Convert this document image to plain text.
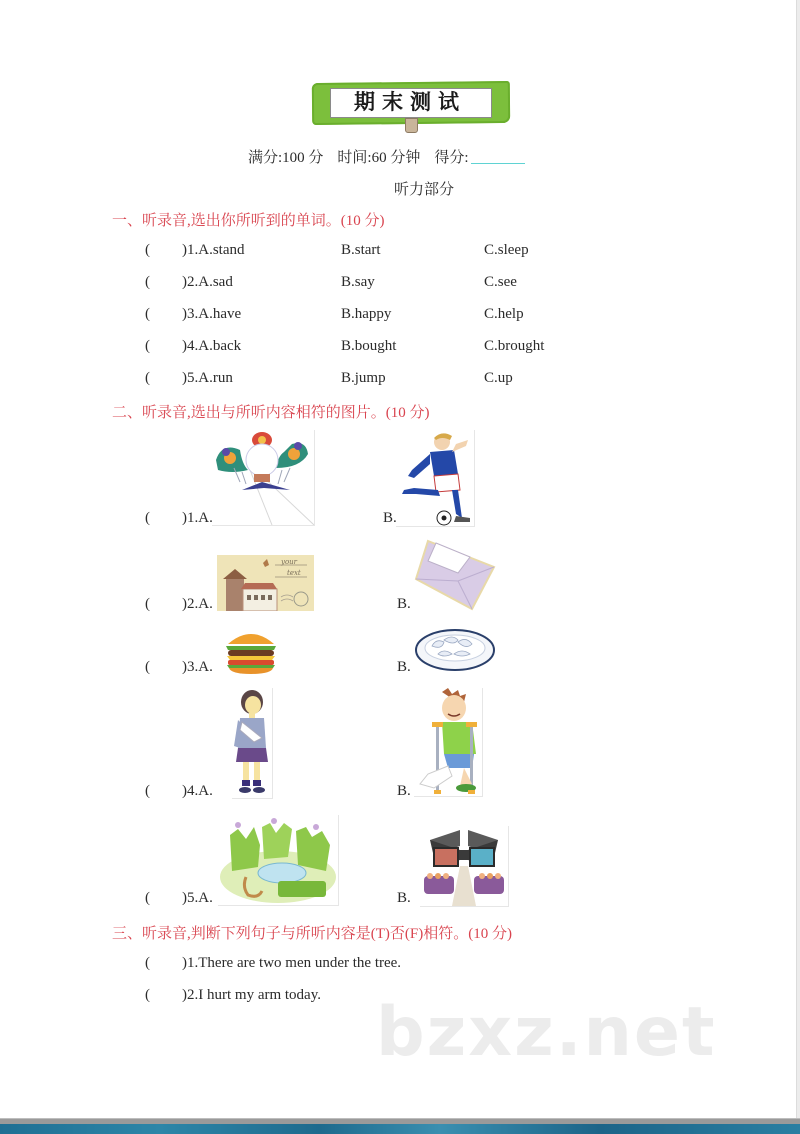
期末测试
满分:100 分 时间:60 分钟 得分:
听力部分
一、听录音,选出你所听到的单词。(10 分)
( )1.A.stand	B.start	C.sleep
( )2.A.sad	B.say	C.see
( )3.A.have	B.happy	C.help
( )4.A.back	B.bought	C.brought
( )5.A.run	B.jump	C.up
二、听录音,选出与所听内容相符的图片。(10 分)
( )1.A.	B.
your
text
( )2.A.	B.
( )3.A.	B.
( )4.A.	B.
( )5.A.	B.
三、听录音,判断下列句子与所听内容是(T)否(F)相符。(10 分)
( )1.There are two men under the tree.
( )2.I hurt my arm today. bzxz.net
